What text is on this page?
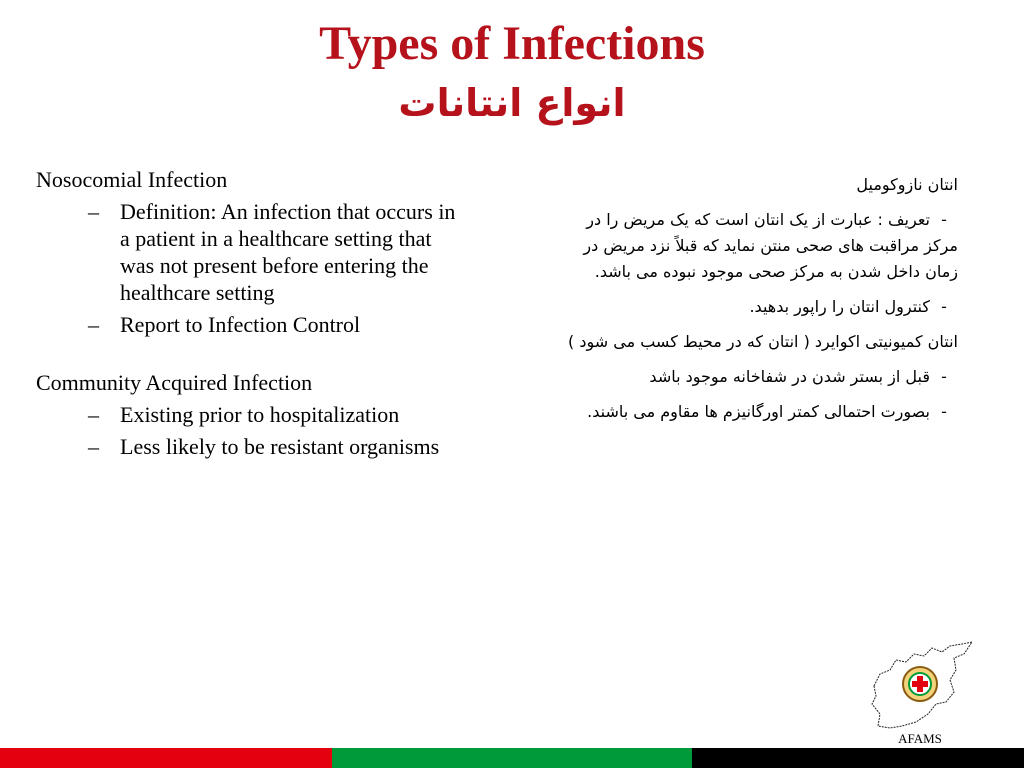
Types of Infections
انواع انتانات

Nosocomial Infection

– Definition: An infection that occurs in a patient in a healthcare setting that was not present before entering the healthcare setting
– Report to Infection Control

Community Acquired Infection

– Existing prior to hospitalization
– Less likely to be resistant organisms

انتان نازوکومیل

-تعریف : عبارت از یک انتان است که یک مریض را در مرکز مراقبت های صحی منتن نماید که قبلاً نزد مریض در زمان داخل شدن به مرکز صحی موجود نبوده می باشد.

-کنترول انتان را راپور بدهید.

انتان کمیونیتی اکوایرد ( انتان که در محیط کسب می شود )

-قبل از بستر شدن در شفاخانه موجود باشد

-بصورت احتمالی کمتر اورگانیزم ها مقاوم می باشند.

AFAMS
